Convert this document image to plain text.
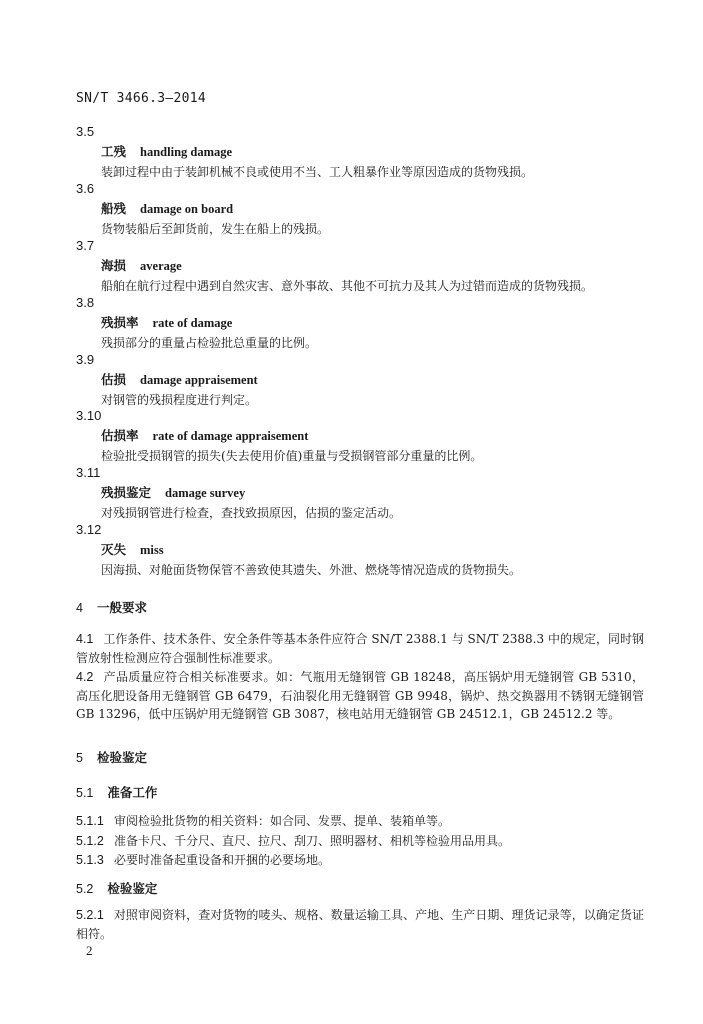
SN/T 3466.3—2014
3.5
工残 handling damage
装卸过程中由于装卸机械不良或使用不当、工人粗暴作业等原因造成的货物残损。
3.6
船残 damage on board
货物装船后至卸货前，发生在船上的残损。
3.7
海损 average
船舶在航行过程中遇到自然灾害、意外事故、其他不可抗力及其人为过错而造成的货物残损。
3.8
残损率 rate of damage
残损部分的重量占检验批总重量的比例。
3.9
估损 damage appraisement
对钢管的残损程度进行判定。
3.10
估损率 rate of damage appraisement
检验批受损钢管的损失(失去使用价值)重量与受损钢管部分重量的比例。
3.11
残损鉴定 damage survey
对残损钢管进行检查，查找致损原因，估损的鉴定活动。
3.12
灭失 miss
因海损、对舱面货物保管不善致使其遗失、外泄、燃烧等情况造成的货物损失。
4 一般要求
4.1 工作条件、技术条件、安全条件等基本条件应符合 SN/T 2388.1 与 SN/T 2388.3 中的规定，同时钢管放射性检测应符合强制性标准要求。
4.2 产品质量应符合相关标准要求。如：气瓶用无缝钢管 GB 18248，高压锅炉用无缝钢管 GB 5310，高压化肥设备用无缝钢管 GB 6479，石油裂化用无缝钢管 GB 9948，锅炉、热交换器用不锈钢无缝钢管 GB 13296，低中压锅炉用无缝钢管 GB 3087，核电站用无缝钢管 GB 24512.1，GB 24512.2 等。
5 检验鉴定
5.1 准备工作
5.1.1 审阅检验批货物的相关资料：如合同、发票、提单、装箱单等。
5.1.2 准备卡尺、千分尺、直尺、拉尺、刮刀、照明器材、相机等检验用品用具。
5.1.3 必要时准备起重设备和开捆的必要场地。
5.2 检验鉴定
5.2.1 对照审阅资料，查对货物的唛头、规格、数量运输工具、产地、生产日期、理货记录等，以确定货证相符。
2
